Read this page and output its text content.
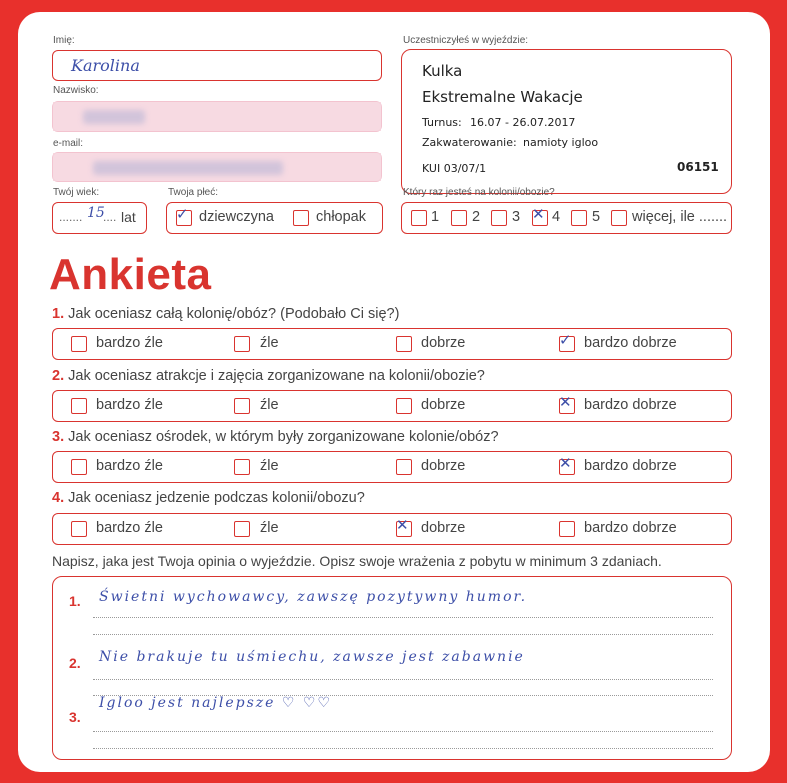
Imię:
Karolina
Nazwisko:
e-mail:
Twój wiek:
....... 15
.... lat
Twoja płeć:
✓ dziewczyna	chłopak
Uczestniczyłeś w wyjeździe:
Kulka
Ekstremalne Wakacje
Turnus: 16.07 - 26.07.2017
Zakwaterowanie: namioty igloo
KUI 03/07/1	06151
Który raz jesteś na kolonii/obozie?
1 2 3 ✕ 4 5 więcej, ile .......
Ankieta
1. Jak oceniasz całą kolonię/obóz? (Podobało Ci się?)
bardzo źle	źle	dobrze	✓ bardzo dobrze
2. Jak oceniasz atrakcje i zajęcia zorganizowane na kolonii/obozie?
bardzo źle	źle	dobrze	✕ bardzo dobrze
3. Jak oceniasz ośrodek, w którym były zorganizowane kolonie/obóz?
bardzo źle	źle	dobrze	✕ bardzo dobrze
4. Jak oceniasz jedzenie podczas kolonii/obozu?
bardzo źle	źle	✕ dobrze	bardzo dobrze
Napisz, jaka jest Twoja opinia o wyjeździe. Opisz swoje wrażenia z pobytu w minimum 3 zdaniach.
1. Świetni wychowawcy, zawszę pozytywny humor.
2. Nie brakuje tu uśmiechu, zawsze jest zabawnie
3.
Igloo jest najlepsze ♡ ♡♡
